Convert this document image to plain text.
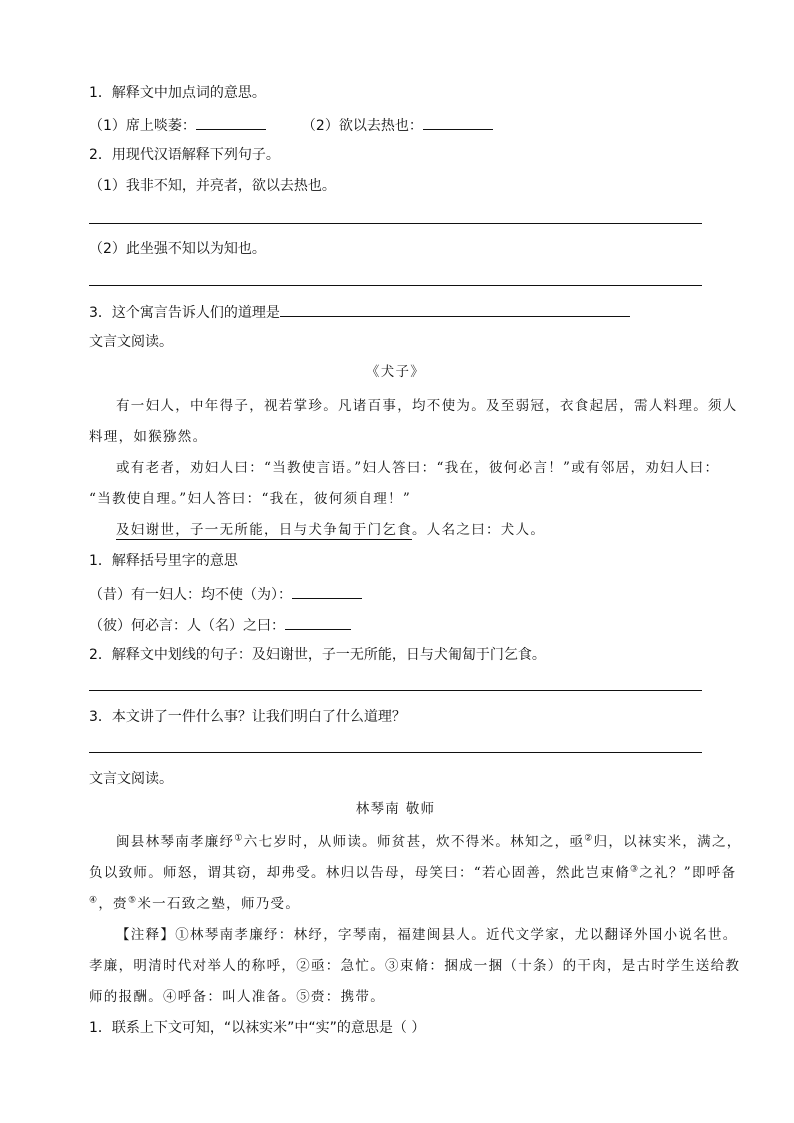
1．解释文中加点词的意思。
（1）席上啖萎：	（2）欲以去热也：
2．用现代汉语解释下列句子。
（1）我非不知，并亮者，欲以去热也。
（2）此坐强不知以为知也。
3．这个寓言告诉人们的道理是
文言文阅读。
《犬子》
有一妇人，中年得子，视若掌珍。凡诸百事，均不使为。及至弱冠，衣食起居，需人料理。须人
料理，如猴猕然。
或有老者，劝妇人曰：“当教使言语。”妇人答曰：“我在，彼何必言！”或有邻居，劝妇人曰：
“当教使自理。”妇人答曰：“我在，彼何须自理！”
及妇谢世，子一无所能，日与犬争匐于门乞食。人名之曰：犬人。
1．解释括号里字的意思
（昔）有一妇人：均不使（为）：
（彼）何必言：人（名）之曰：
2．解释文中划线的句子：及妇谢世，子一无所能，日与犬匍匐于门乞食。
3．本文讲了一件什么事？让我们明白了什么道理？
文言文阅读。
林琴南 敬师
闽县林琴南孝廉纾①六七岁时，从师读。师贫甚，炊不得米。林知之，亟②归，以袜实米，满之，
负以致师。师怒，谓其窃，却弗受。林归以告母，母笑曰：“若心固善，然此岂束脩③之礼？”即呼备
④，赍⑤米一石致之塾，师乃受。
【注释】①林琴南孝廉纾：林纾，字琴南，福建闽县人。近代文学家，尤以翻译外国小说名世。
孝廉，明清时代对举人的称呼，②亟：急忙。③束脩：捆成一捆（十条）的干肉，是古时学生送给教
师的报酬。④呼备：叫人准备。⑤赍：携带。
1．联系上下文可知，“以袜实米”中“实”的意思是（ ）
